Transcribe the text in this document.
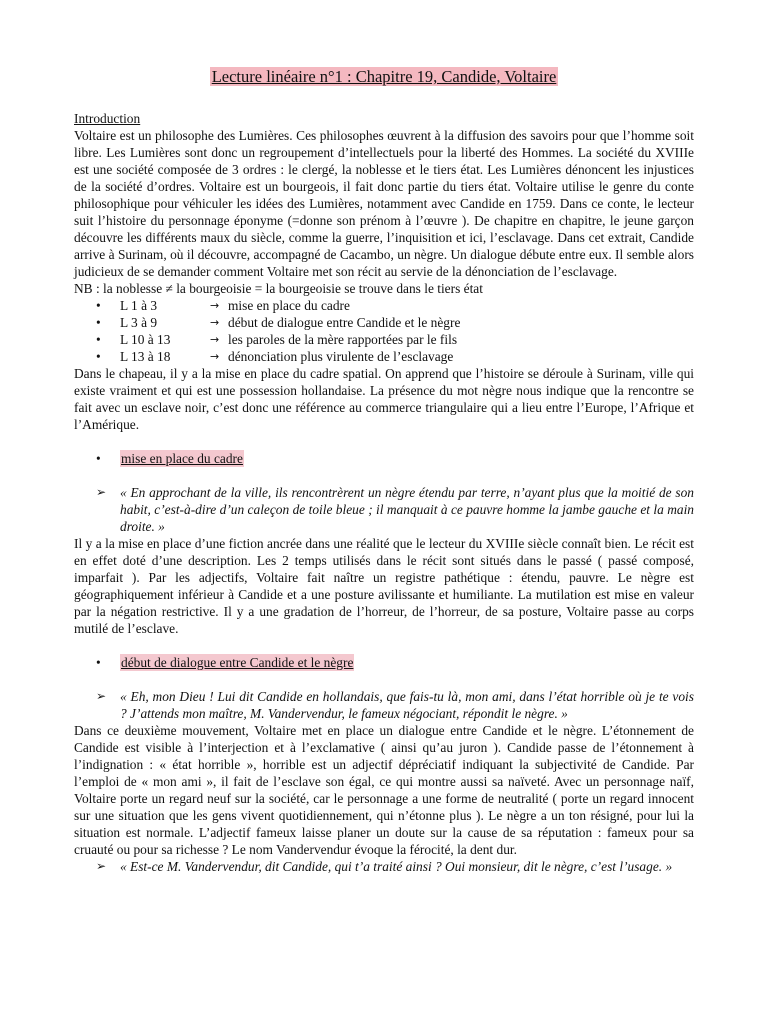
Lecture linéaire n°1 : Chapitre 19, Candide, Voltaire
Introduction

Voltaire est un philosophe des Lumières. Ces philosophes œuvrent à la diffusion des savoirs pour que l’homme soit libre. Les Lumières sont donc un regroupement d’intellectuels pour la liberté des Hommes. La société du XVIIIe est une société composée de 3 ordres : le clergé, la noblesse et le tiers état. Les Lumières dénoncent les injustices de la société d’ordres. Voltaire est un bourgeois, il fait donc partie du tiers état. Voltaire utilise le genre du conte philosophique pour véhiculer les idées des Lumières, notamment avec Candide en 1759. Dans ce conte, le lecteur suit l’histoire du personnage éponyme (=donne son prénom à l’œuvre ). De chapitre en chapitre, le jeune garçon découvre les différents maux du siècle, comme la guerre, l’inquisition et ici, l’esclavage. Dans cet extrait, Candide arrive à Surinam, où il découvre, accompagné de Cacambo, un nègre. Un dialogue débute entre eux. Il semble alors judicieux de se demander comment Voltaire met son récit au servie de la dénonciation de l’esclavage.

NB : la noblesse ≠ la bourgeoisie = la bourgeoisie se trouve dans le tiers état

•	L 1 à 3	→ mise en place du cadre
•	L 3 à 9	→ début de dialogue entre Candide et le nègre
•	L 10 à 13	→ les paroles de la mère rapportées par le fils
•	L 13 à 18	→ dénonciation plus virulente de l’esclavage

Dans le chapeau, il y a la mise en place du cadre spatial. On apprend que l’histoire se déroule à Surinam, ville qui existe vraiment et qui est une possession hollandaise. La présence du mot nègre nous indique que la rencontre se fait avec un esclave noir, c’est donc une référence au commerce triangulaire qui a lieu entre l’Europe, l’Afrique et l’Amérique.

•	mise en place du cadre
➢	« En approchant de la ville, ils rencontrèrent un nègre étendu par terre, n’ayant plus que la moitié de son habit, c’est-à-dire d’un caleçon de toile bleue ; il manquait à ce pauvre homme la jambe gauche et la main droite. »

Il y a la mise en place d’une fiction ancrée dans une réalité que le lecteur du XVIIIe siècle connaît bien. Le récit est en effet doté d’une description. Les 2 temps utilisés dans le récit sont situés dans le passé ( passé composé, imparfait ). Par les adjectifs, Voltaire fait naître un registre pathétique : étendu, pauvre. Le nègre est géographiquement inférieur à Candide et a une posture avilissante et humiliante. La mutilation est mise en valeur par la négation restrictive. Il y a une gradation de l’horreur, de l’horreur, de sa posture, Voltaire passe au corps mutilé de l’esclave.

•	début de dialogue entre Candide et le nègre
➢	« Eh, mon Dieu ! Lui dit Candide en hollandais, que fais-tu là, mon ami, dans l’état horrible où je te vois ? J’attends mon maître, M. Vandervendur, le fameux négociant, répondit le nègre. »

Dans ce deuxième mouvement, Voltaire met en place un dialogue entre Candide et le nègre. L’étonnement de Candide est visible à l’interjection et à l’exclamative ( ainsi qu’au juron ). Candide passe de l’étonnement à l’indignation : « état horrible », horrible est un adjectif dépréciatif indiquant la subjectivité de Candide. Par l’emploi de « mon ami », il fait de l’esclave son égal, ce qui montre aussi sa naïveté. Avec un personnage naïf, Voltaire porte un regard neuf sur la société, car le personnage a une forme de neutralité ( porte un regard innocent sur une situation que les gens vivent quotidiennement, qui n’étonne plus ). Le nègre a un ton résigné, pour lui la situation est normale. L’adjectif fameux laisse planer un doute sur la cause de sa réputation : fameux pour sa cruauté ou pour sa richesse ? Le nom Vandervendur évoque la férocité, la dent dur.

➢	« Est-ce M. Vandervendur, dit Candide, qui t’a traité ainsi ? Oui monsieur, dit le nègre, c’est l’usage. »
